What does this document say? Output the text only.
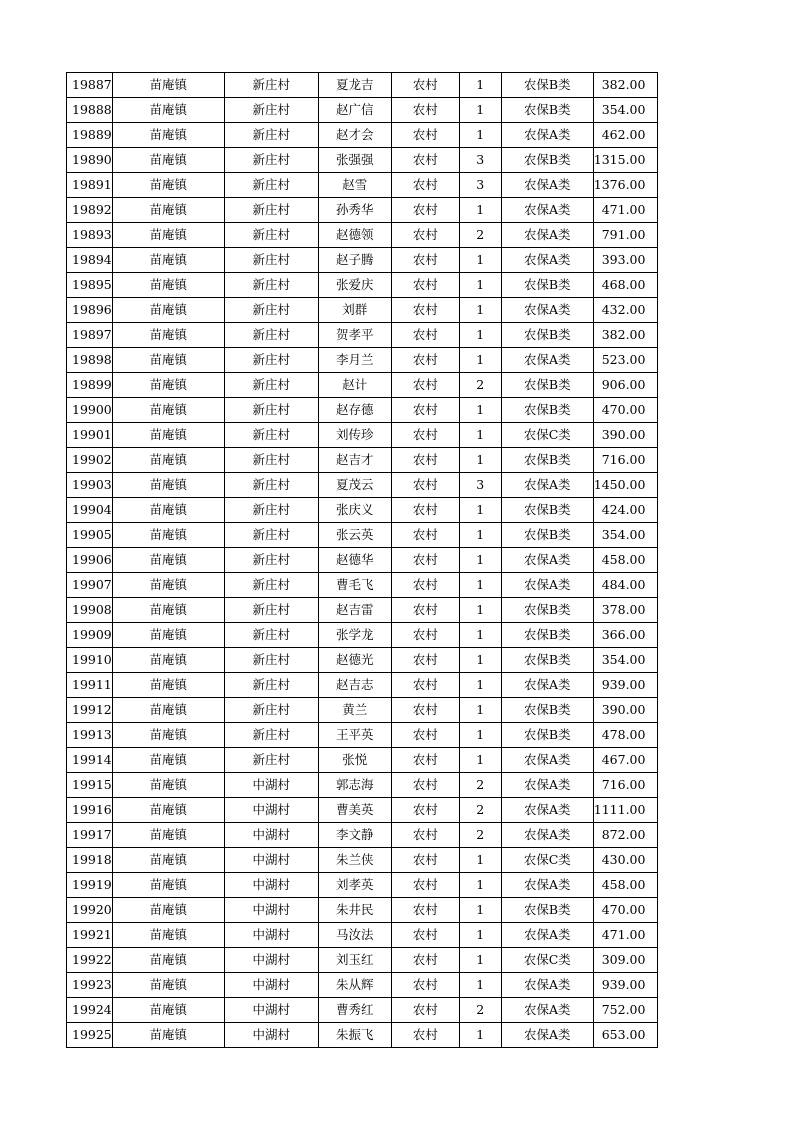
19887	苗庵镇	新庄村	夏龙吉	农村	1	农保B类	382.00
19888	苗庵镇	新庄村	赵广信	农村	1	农保B类	354.00
19889	苗庵镇	新庄村	赵才会	农村	1	农保A类	462.00
19890	苗庵镇	新庄村	张强强	农村	3	农保B类	1315.00
19891	苗庵镇	新庄村	赵雪	农村	3	农保A类	1376.00
19892	苗庵镇	新庄村	孙秀华	农村	1	农保A类	471.00
19893	苗庵镇	新庄村	赵德领	农村	2	农保A类	791.00
19894	苗庵镇	新庄村	赵子腾	农村	1	农保A类	393.00
19895	苗庵镇	新庄村	张爱庆	农村	1	农保B类	468.00
19896	苗庵镇	新庄村	刘群	农村	1	农保A类	432.00
19897	苗庵镇	新庄村	贺孝平	农村	1	农保B类	382.00
19898	苗庵镇	新庄村	李月兰	农村	1	农保A类	523.00
19899	苗庵镇	新庄村	赵计	农村	2	农保B类	906.00
19900	苗庵镇	新庄村	赵存德	农村	1	农保B类	470.00
19901	苗庵镇	新庄村	刘传珍	农村	1	农保C类	390.00
19902	苗庵镇	新庄村	赵吉才	农村	1	农保B类	716.00
19903	苗庵镇	新庄村	夏茂云	农村	3	农保A类	1450.00
19904	苗庵镇	新庄村	张庆义	农村	1	农保B类	424.00
19905	苗庵镇	新庄村	张云英	农村	1	农保B类	354.00
19906	苗庵镇	新庄村	赵德华	农村	1	农保A类	458.00
19907	苗庵镇	新庄村	曹毛飞	农村	1	农保A类	484.00
19908	苗庵镇	新庄村	赵吉雷	农村	1	农保B类	378.00
19909	苗庵镇	新庄村	张学龙	农村	1	农保B类	366.00
19910	苗庵镇	新庄村	赵德光	农村	1	农保B类	354.00
19911	苗庵镇	新庄村	赵吉志	农村	1	农保A类	939.00
19912	苗庵镇	新庄村	黄兰	农村	1	农保B类	390.00
19913	苗庵镇	新庄村	王平英	农村	1	农保B类	478.00
19914	苗庵镇	新庄村	张悦	农村	1	农保A类	467.00
19915	苗庵镇	中湖村	郭志海	农村	2	农保A类	716.00
19916	苗庵镇	中湖村	曹美英	农村	2	农保A类	1111.00
19917	苗庵镇	中湖村	李文静	农村	2	农保A类	872.00
19918	苗庵镇	中湖村	朱兰侠	农村	1	农保C类	430.00
19919	苗庵镇	中湖村	刘孝英	农村	1	农保A类	458.00
19920	苗庵镇	中湖村	朱井民	农村	1	农保B类	470.00
19921	苗庵镇	中湖村	马汝法	农村	1	农保A类	471.00
19922	苗庵镇	中湖村	刘玉红	农村	1	农保C类	309.00
19923	苗庵镇	中湖村	朱从辉	农村	1	农保A类	939.00
19924	苗庵镇	中湖村	曹秀红	农村	2	农保A类	752.00
19925	苗庵镇	中湖村	朱振飞	农村	1	农保A类	653.00
